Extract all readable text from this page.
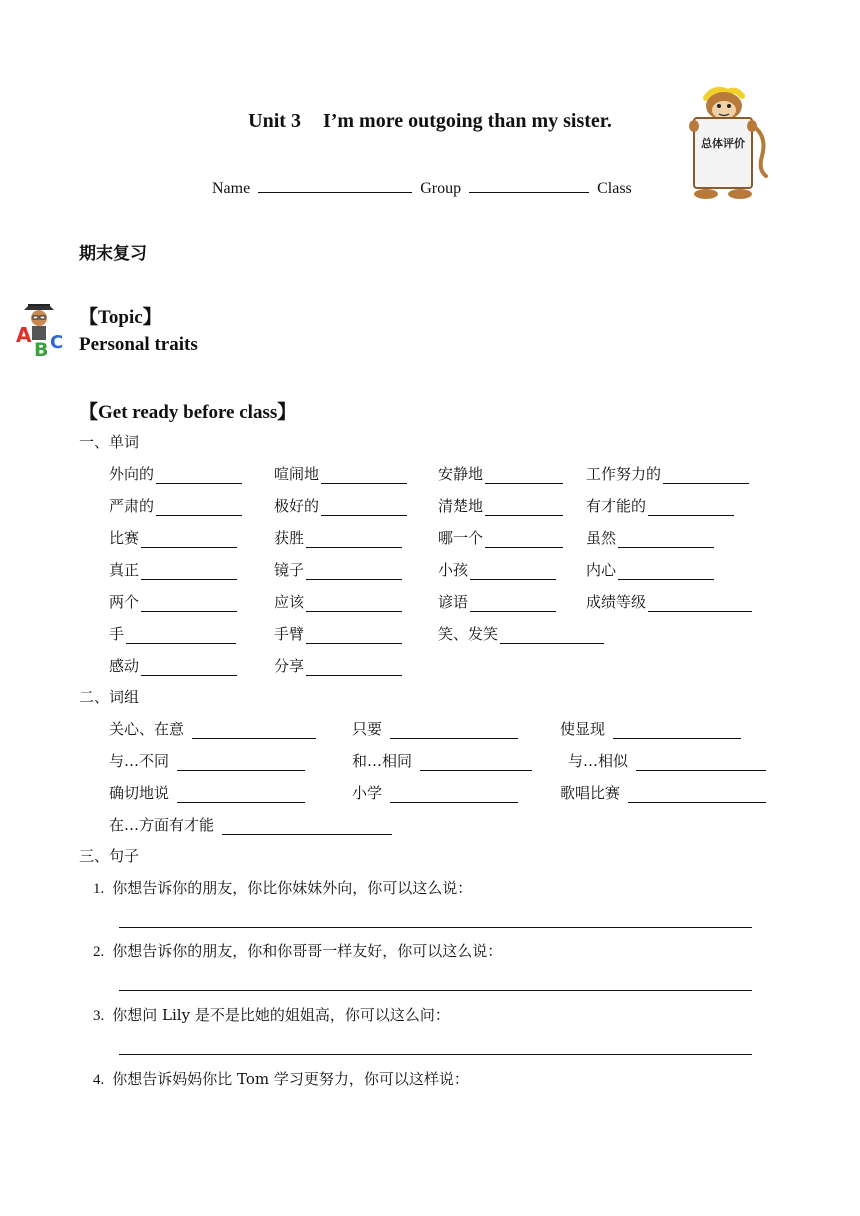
Unit 3 I’m more outgoing than my sister.
Name	Group	Class
总体评价
期末复习
A
B C
【Topic】
Personal traits
【Get ready before class】
一、单词
外向的	喧闹地	安静地	工作努力的
严肃的	极好的	清楚地	有才能的
比赛	获胜	哪一个	虽然
真正	镜子	小孩	内心
两个	应该	谚语	成绩等级
手	手臂	笑、发笑
感动	分享
二、词组
关心、在意	只要	使显现
与…不同	和…相同	与…相似
确切地说	小学	歌唱比赛
在…方面有才能
三、句子
1. 你想告诉你的朋友，你比你妹妹外向，你可以这么说：
2. 你想告诉你的朋友，你和你哥哥一样友好，你可以这么说：
3. 你想问 Lily 是不是比她的姐姐高，你可以这么问：
4. 你想告诉妈妈你比 Tom 学习更努力，你可以这样说：
